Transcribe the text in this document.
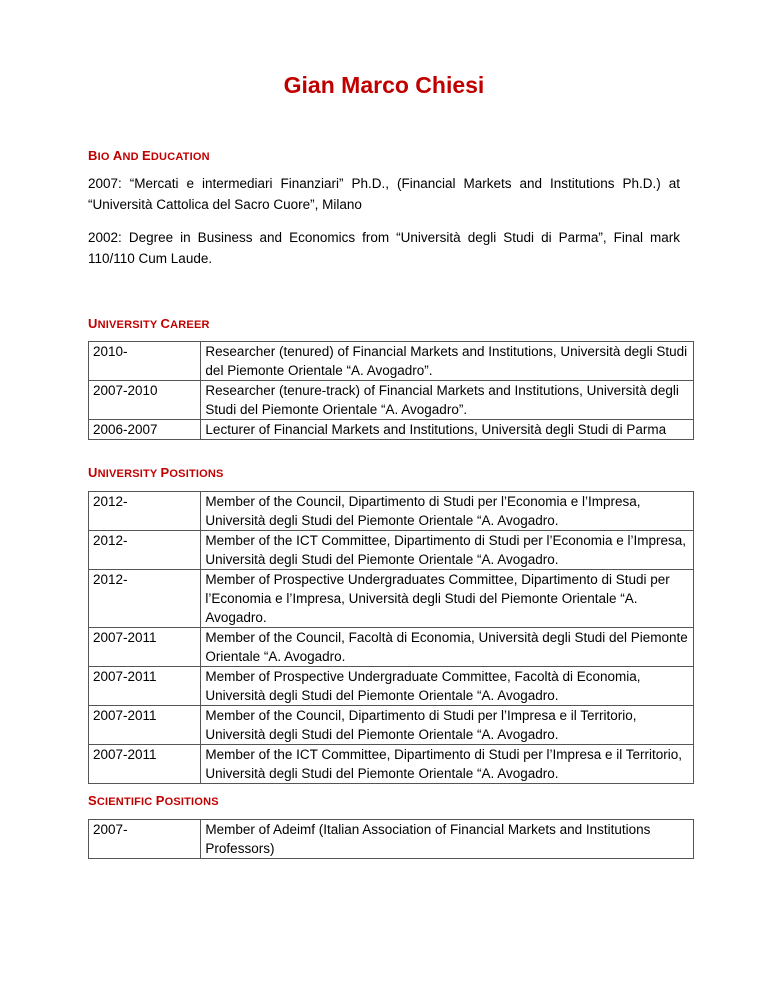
Gian Marco Chiesi
BIO AND EDUCATION
2007: “Mercati e intermediari Finanziari” Ph.D., (Financial Markets and Institutions Ph.D.) at “Università Cattolica del Sacro Cuore”, Milano
2002: Degree in Business and Economics from “Università degli Studi di Parma”, Final mark 110/110 Cum Laude.
UNIVERSITY CAREER
2010-	Researcher (tenured) of Financial Markets and Institutions, Università degli Studi del Piemonte Orientale “A. Avogadro”.
2007-2010	Researcher (tenure-track) of Financial Markets and Institutions, Università degli Studi del Piemonte Orientale “A. Avogadro”.
2006-2007	Lecturer of Financial Markets and Institutions, Università degli Studi di Parma
UNIVERSITY POSITIONS
2012-	Member of the Council, Dipartimento di Studi per l’Economia e l’Impresa, Università degli Studi del Piemonte Orientale “A. Avogadro.
2012-	Member of the ICT Committee, Dipartimento di Studi per l’Economia e l’Impresa, Università degli Studi del Piemonte Orientale “A. Avogadro.
2012-	Member of Prospective Undergraduates Committee, Dipartimento di Studi per l’Economia e l’Impresa, Università degli Studi del Piemonte Orientale “A. Avogadro.
2007-2011	Member of the Council, Facoltà di Economia, Università degli Studi del Piemonte Orientale “A. Avogadro.
2007-2011	Member of Prospective Undergraduate Committee, Facoltà di Economia, Università degli Studi del Piemonte Orientale “A. Avogadro.
2007-2011	Member of the Council, Dipartimento di Studi per l’Impresa e il Territorio, Università degli Studi del Piemonte Orientale “A. Avogadro.
2007-2011	Member of the ICT Committee, Dipartimento di Studi per l’Impresa e il Territorio, Università degli Studi del Piemonte Orientale “A. Avogadro.
SCIENTIFIC POSITIONS
2007-	Member of Adeimf (Italian Association of Financial Markets and Institutions Professors)
